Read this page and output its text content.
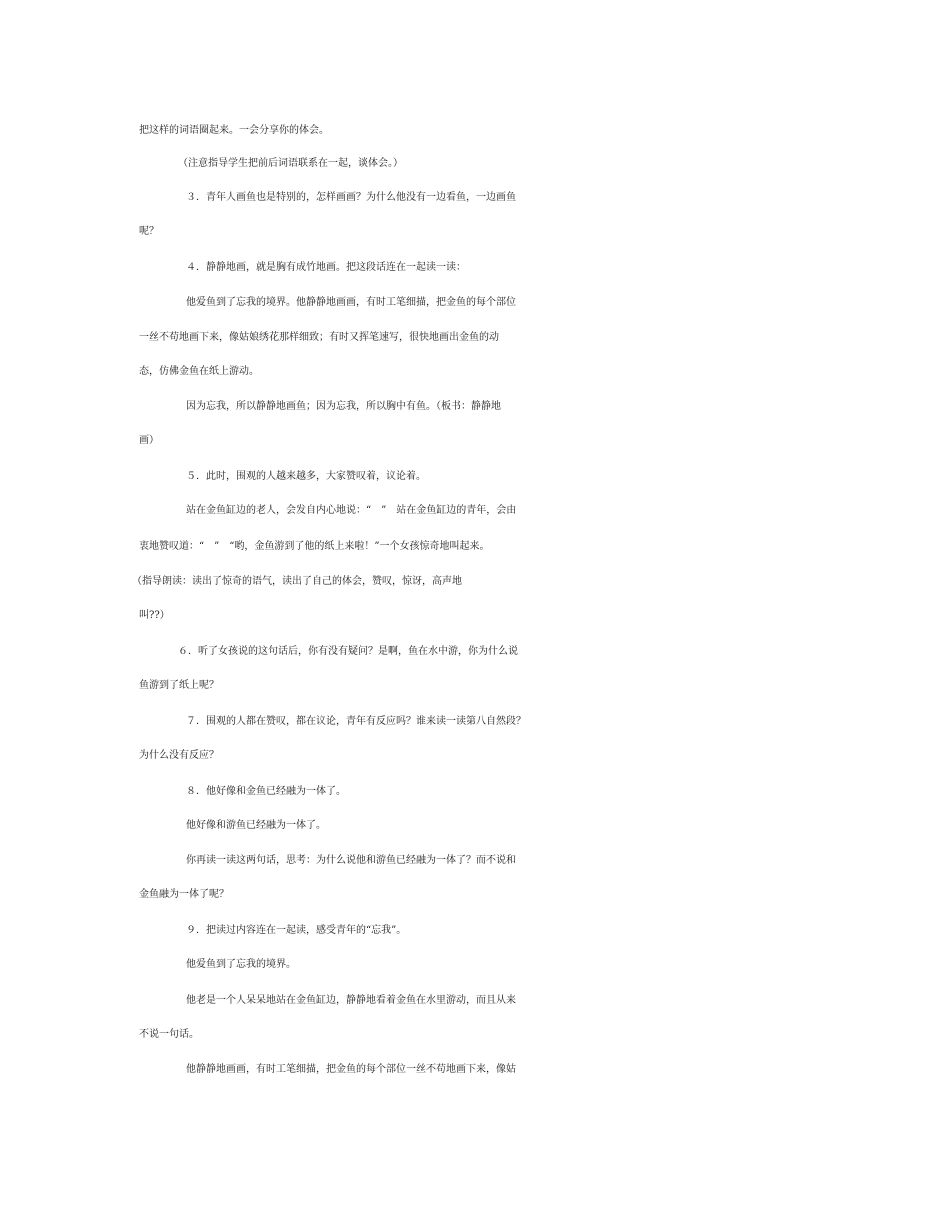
把这样的词语圈起来。一会分享你的体会。

（注意指导学生把前后词语联系在一起，谈体会。）

３．青年人画鱼也是特别的，怎样画画？为什么他没有一边看鱼，一边画鱼

呢？

４．静静地画，就是胸有成竹地画。把这段话连在一起读一读：

他爱鱼到了忘我的境界。他静静地画画，有时工笔细描，把金鱼的每个部位

一丝不苟地画下来，像姑娘绣花那样细致；有时又挥笔速写，很快地画出金鱼的动

态，仿佛金鱼在纸上游动。

因为忘我，所以静静地画鱼；因为忘我，所以胸中有鱼。（板书：静静地

画）

５．此时，围观的人越来越多，大家赞叹着，议论着。

站在金鱼缸边的老人，会发自内心地说：“　”　站在金鱼缸边的青年，会由

衷地赞叹道：“　”　“哟，金鱼游到了他的纸上来啦！”一个女孩惊奇地叫起来。

（指导朗读：读出了惊奇的语气，读出了自己的体会，赞叹，惊讶，高声地

叫??）

６．听了女孩说的这句话后，你有没有疑问？是啊，鱼在水中游，你为什么说

鱼游到了纸上呢？

７．围观的人都在赞叹，都在议论，青年有反应吗？谁来读一读第八自然段？

为什么没有反应？

８．他好像和金鱼已经融为一体了。

他好像和游鱼已经融为一体了。

你再读一读这两句话，思考：为什么说他和游鱼已经融为一体了？而不说和

金鱼融为一体了呢？

９．把读过内容连在一起读，感受青年的“忘我”。

他爱鱼到了忘我的境界。

他老是一个人呆呆地站在金鱼缸边，静静地看着金鱼在水里游动，而且从来

不说一句话。

他静静地画画，有时工笔细描，把金鱼的每个部位一丝不苟地画下来，像姑
